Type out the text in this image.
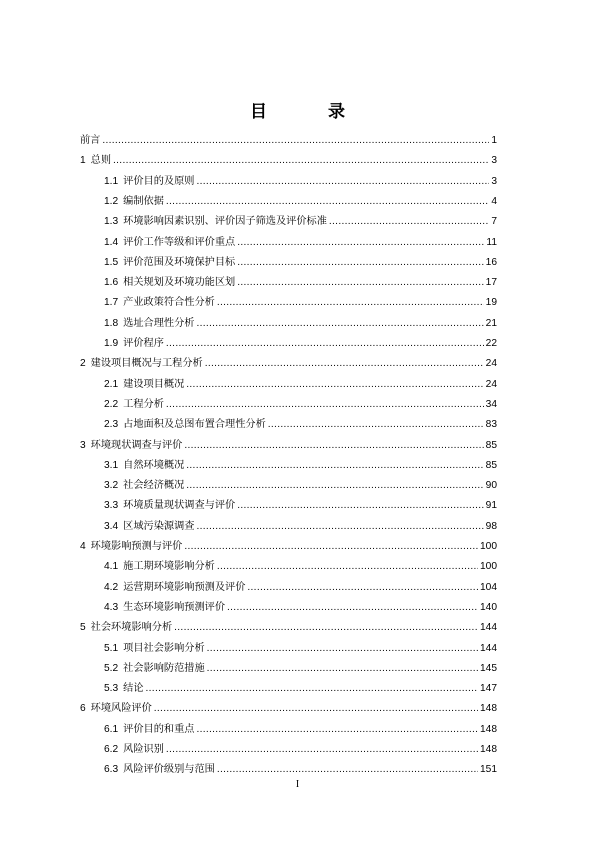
目　录
前言 .....	1
1 总则 .....	3
1.1 评价目的及原则 .....	3
1.2 编制依据 .....	4
1.3 环境影响因素识别、评价因子筛选及评价标准 .....	7
1.4 评价工作等级和评价重点 .....	11
1.5 评价范围及环境保护目标 .....	16
1.6 相关规划及环境功能区划 .....	17
1.7 产业政策符合性分析 .....	19
1.8 选址合理性分析 .....	21
1.9 评价程序 .....	22
2 建设项目概况与工程分析 .....	24
2.1 建设项目概况 .....	24
2.2 工程分析 .....	34
2.3 占地面积及总图布置合理性分析 .....	83
3 环境现状调查与评价 .....	85
3.1 自然环境概况 .....	85
3.2 社会经济概况 .....	90
3.3 环境质量现状调查与评价 .....	91
3.4 区域污染源调查 .....	98
4 环境影响预测与评价 .....	100
4.1 施工期环境影响分析 .....	100
4.2 运营期环境影响预测及评价 .....	104
4.3 生态环境影响预测评价 .....	140
5 社会环境影响分析 .....	144
5.1 项目社会影响分析 .....	144
5.2 社会影响防范措施 .....	145
5.3 结论 .....	147
6 环境风险评价 .....	148
6.1 评价目的和重点 .....	148
6.2 风险识别 .....	148
6.3 风险评价级别与范围 .....	151
I
